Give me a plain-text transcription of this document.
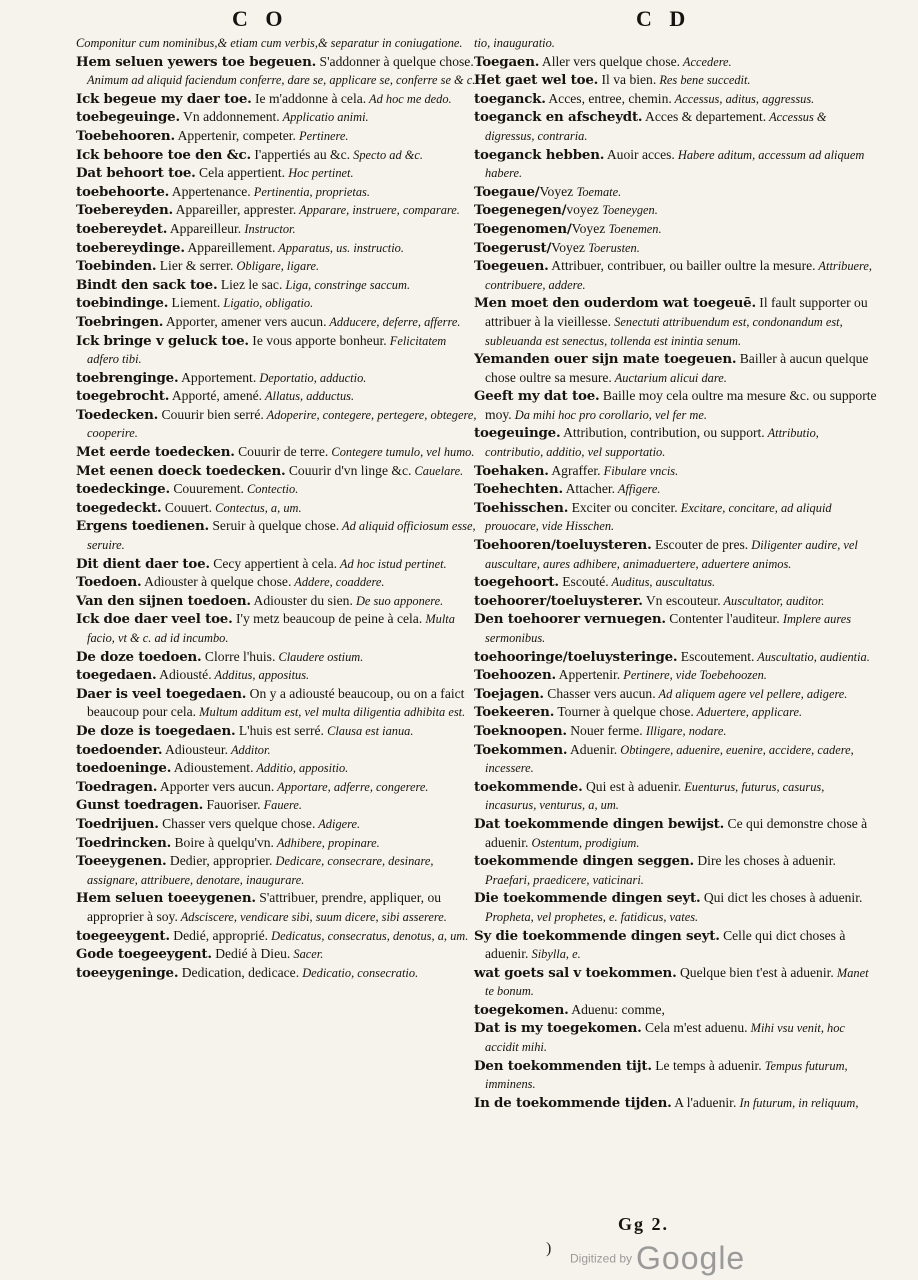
C O	C D

Componitur cum nominibus,& etiam cum verbis,& separatur in coniugatione.

Hem seluen yewers toe begeuen. S'addonner à quelque chose. Animum ad aliquid faciendum conferre, dare se, applicare se, conferre se & c.

Ick begeue my daer toe. Ie m'addonne à cela. Ad hoc me dedo.

toebegeuinge. Vn addonnement. Applicatio animi.

Toebehooren. Appertenir, competer. Pertinere.

Ick behoore toe den &c. I'appertiés au &c. Specto ad &c.

Dat behoort toe. Cela appertient. Hoc pertinet.

toebehoorte. Appertenance. Pertinentia, proprietas.

Toebereyden. Appareiller, apprester. Apparare, instruere, comparare.

toebereydet. Appareilleur. Instructor.

toebereydinge. Appareillement. Apparatus, us. instructio.

Toebinden. Lier & serrer. Obligare, ligare.

Bindt den sack toe. Liez le sac. Liga, constringe saccum.

toebindinge. Liement. Ligatio, obligatio.

Toebringen. Apporter, amener vers aucun. Adducere, deferre, afferre.

Ick bringe v geluck toe. Ie vous apporte bonheur. Felicitatem adfero tibi.

toebrenginge. Apportement. Deportatio, adductio.

toegebrocht. Apporté, amené. Allatus, adductus.

Toedecken. Couurir bien serré. Adoperire, contegere, pertegere, obtegere, cooperire.

Met eerde toedecken. Couurir de terre. Contegere tumulo, vel humo.

Met eenen doeck toedecken. Couurir d'vn linge &c. Cauelare.

toedeckinge. Couurement. Contectio.

toegedeckt. Couuert. Contectus, a, um.

Ergens toedienen. Seruir à quelque chose. Ad aliquid officiosum esse, seruire.

Dit dient daer toe. Cecy appertient à cela. Ad hoc istud pertinet.

Toedoen. Adiouster à quelque chose. Addere, coaddere.

Van den sijnen toedoen. Adiouster du sien. De suo apponere.

Ick doe daer veel toe. I'y metz beaucoup de peine à cela. Multa facio, vt & c. ad id incumbo.

De doze toedoen. Clorre l'huis. Claudere ostium.

toegedaen. Adiousté. Additus, appositus.

Daer is veel toegedaen. On y a adiousté beaucoup, ou on a faict beaucoup pour cela. Multum additum est, vel multa diligentia adhibita est.

De doze is toegedaen. L'huis est serré. Clausa est ianua.

toedoender. Adiousteur. Additor.

toedoeninge. Adioustement. Additio, appositio.

Toedragen. Apporter vers aucun. Apportare, adferre, congerere.

Gunst toedragen. Fauoriser. Fauere.

Toedrijuen. Chasser vers quelque chose. Adigere.

Toedrincken. Boire à quelqu'vn. Adhibere, propinare.

Toeeygenen. Dedier, approprier. Dedicare, consecrare, desinare, assignare, attribuere, denotare, inaugurare.

Hem seluen toeeygenen. S'attribuer, prendre, appliquer, ou approprier à soy. Adsciscere, vendicare sibi, suum dicere, sibi asserere.

toegeeygent. Dedié, approprié. Dedicatus, consecratus, denotus, a, um.

Gode toegeeygent. Dedié à Dieu. Sacer.

toeeygeninge. Dedication, dedicace. Dedicatio, consecratio.

tio, inauguratio.

Toegaen. Aller vers quelque chose. Accedere.

Het gaet wel toe. Il va bien. Res bene succedit.

toeganck. Acces, entree, chemin. Accessus, aditus, aggressus.

toeganck en afscheydt. Acces & departement. Accessus & digressus, contraria.

toeganck hebben. Auoir acces. Habere aditum, accessum ad aliquem habere.

Toegaue/Voyez Toemate.

Toegenegen/voyez Toeneygen.

Toegenomen/Voyez Toenemen.

Toegerust/Voyez Toerusten.

Toegeuen. Attribuer, contribuer, ou bailler oultre la mesure. Attribuere, contribuere, addere.

Men moet den ouderdom wat toegeuē. Il fault supporter ou attribuer à la vieillesse. Senectuti attribuendum est, condonandum est, subleuanda est senectus, tollenda est inintia senum.

Yemanden ouer sijn mate toegeuen. Bailler à aucun quelque chose oultre sa mesure. Auctarium alicui dare.

Geeft my dat toe. Baille moy cela oultre ma mesure &c. ou supporte moy. Da mihi hoc pro corollario, vel fer me.

toegeuinge. Attribution, contribution, ou support. Attributio, contributio, additio, vel supportatio.

Toehaken. Agraffer. Fibulare vncis.

Toehechten. Attacher. Affigere.

Toehisschen. Exciter ou conciter. Excitare, concitare, ad aliquid prouocare, vide Hisschen.

Toehooren/toeluysteren. Escouter de pres. Diligenter audire, vel auscultare, aures adhibere, animaduertere, aduertere animos.

toegehoort. Escouté. Auditus, auscultatus.

toehoorer/toeluysterer. Vn escouteur. Auscultator, auditor.

Den toehoorer vernuegen. Contenter l'auditeur. Implere aures sermonibus.

toehooringe/toeluysteringe. Escoutement. Auscultatio, audientia.

Toehoozen. Appertenir. Pertinere, vide Toebehoozen.

Toejagen. Chasser vers aucun. Ad aliquem agere vel pellere, adigere.

Toekeeren. Tourner à quelque chose. Aduertere, applicare.

Toeknoopen. Nouer ferme. Illigare, nodare.

Toekommen. Aduenir. Obtingere, aduenire, euenire, accidere, cadere, incessere.

toekommende. Qui est à aduenir. Euenturus, futurus, casurus, incasurus, venturus, a, um.

Dat toekommende dingen bewijst. Ce qui demonstre chose à aduenir. Ostentum, prodigium.

toekommende dingen seggen. Dire les choses à aduenir. Praefari, praedicere, vaticinari.

Die toekommende dingen seyt. Qui dict les choses à aduenir. Propheta, vel prophetes, e. fatidicus, vates.

Sy die toekommende dingen seyt. Celle qui dict choses à aduenir. Sibylla, e.

wat goets sal v toekommen. Quelque bien t'est à aduenir. Manet te bonum.

toegekomen. Aduenu: comme,

Dat is my toegekomen. Cela m'est aduenu. Mihi vsu venit, hoc accidit mihi.

Den toekommenden tijt. Le temps à aduenir. Tempus futurum, imminens.

In de toekommende tijden. A l'aduenir. In futurum, in reliquum,

Gg 2.
)
Digitized by Google
